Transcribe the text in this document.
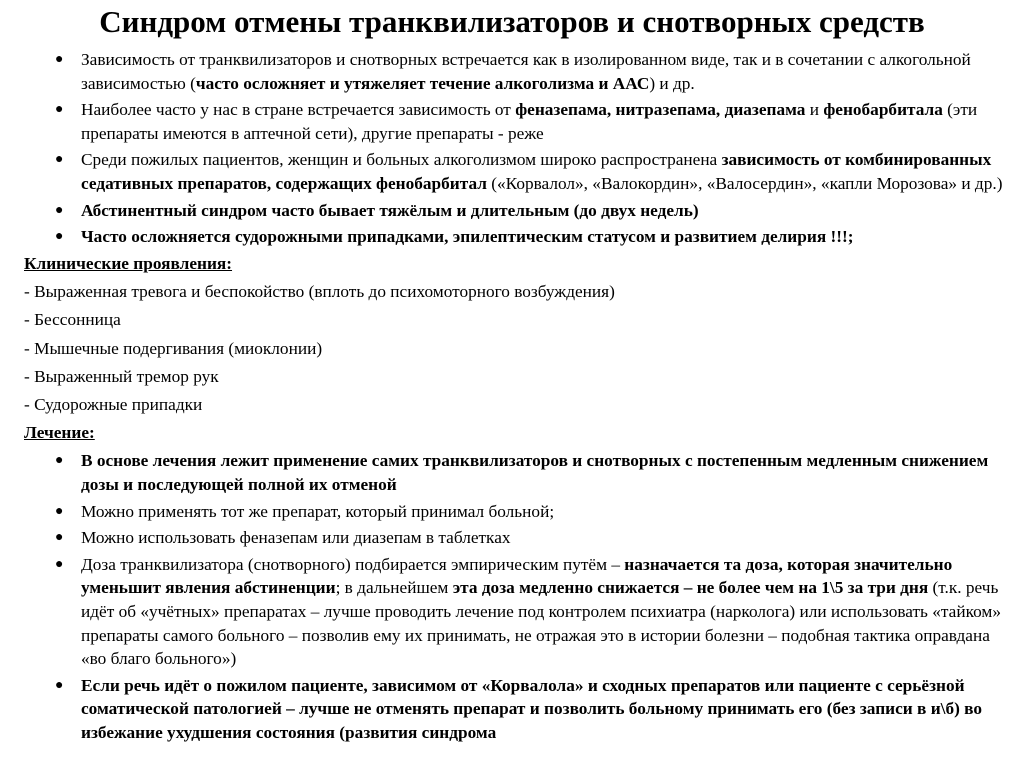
Синдром отмены транквилизаторов и снотворных средств
● Зависимость от транквилизаторов и снотворных встречается как в изолированном виде, так и в сочетании с алкогольной зависимостью (часто осложняет и утяжеляет течение алкоголизма и ААС) и др.
● Наиболее часто у нас в стране встречается зависимость от феназепама, нитразепама, диазепама и фенобарбитала (эти препараты имеются в аптечной сети), другие препараты - реже
● Среди пожилых пациентов, женщин и больных алкоголизмом широко распространена зависимость от комбинированных седативных препаратов, содержащих фенобарбитал («Корвалол», «Валокордин», «Валосердин», «капли Морозова» и др.)
● Абстинентный синдром часто бывает тяжёлым и длительным (до двух недель)
● Часто осложняется судорожными припадками, эпилептическим статусом и развитием делирия !!!;
Клинические проявления:
- Выраженная тревога и беспокойство (вплоть до психомоторного возбуждения)
- Бессонница
- Мышечные подергивания (миоклонии)
- Выраженный тремор рук
- Судорожные припадки
Лечение:
● В основе лечения лежит применение самих транквилизаторов и снотворных с постепенным медленным снижением дозы и последующей полной их отменой
● Можно применять тот же препарат, который принимал больной;
● Можно использовать феназепам или диазепам в таблетках
● Доза транквилизатора (снотворного) подбирается эмпирическим путём – назначается та доза, которая значительно уменьшит явления абстиненции; в дальнейшем эта доза медленно снижается – не более чем на 1\5 за три дня (т.к. речь идёт об «учётных» препаратах – лучше проводить лечение под контролем психиатра (нарколога) или использовать «тайком» препараты самого больного – позволив ему их принимать, не отражая это в истории болезни – подобная тактика оправдана «во благо больного»)
● Если речь идёт о пожилом пациенте, зависимом от «Корвалола» и сходных препаратов или пациенте с серьёзной соматической патологией – лучше не отменять препарат и позволить больному принимать его (без записи в и\б) во избежание ухудшения состояния (развития синдрома
